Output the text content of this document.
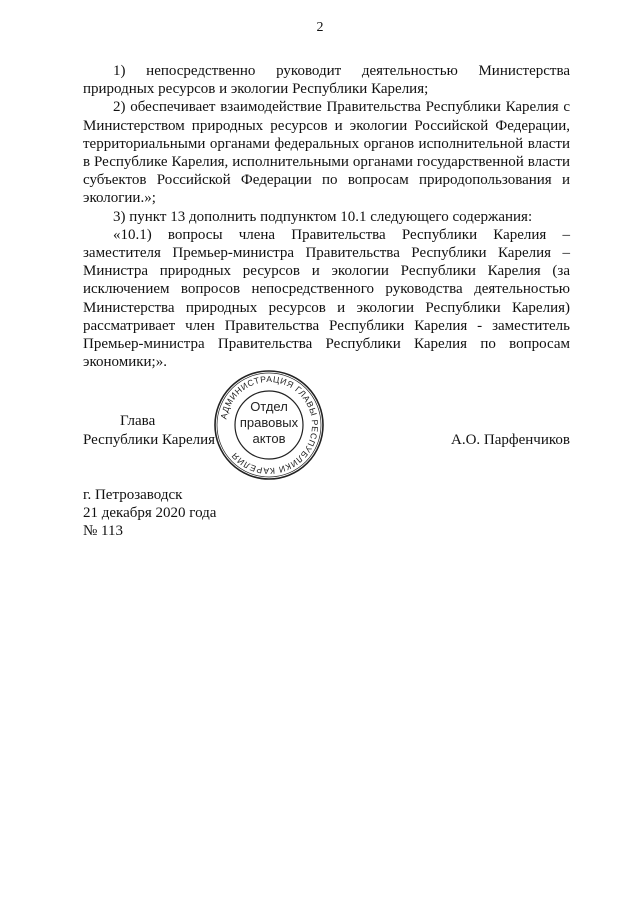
2

1) непосредственно руководит деятельностью Министерства природных ресурсов и экологии Республики Карелия;

2) обеспечивает взаимодействие Правительства Республики Карелия с Министерством природных ресурсов и экологии Российской Федерации, территориальными органами федеральных органов исполнительной власти в Республике Карелия, исполнительными органами государственной власти субъектов Российской Федерации по вопросам природопользования и экологии.»;

3) пункт 13 дополнить подпунктом 10.1 следующего содержания:

«10.1) вопросы члена Правительства Республики Карелия – заместителя Премьер-министра Правительства Республики Карелия – Министра природных ресурсов и экологии Республики Карелия (за исключением вопросов непосредственного руководства деятельностью Министерства природных ресурсов и экологии Республики Карелия) рассматривает член Правительства Республики Карелия - заместитель Премьер-министра Правительства Республики Карелия по вопросам экономики;».

Глава
Республики Карелия	А.О. Парфенчиков
АДМИНИСТРАЦИЯ ГЛАВЫ РЕСПУБЛИКИ КАРЕЛИЯ
Отдел
правовых
актов
г. Петрозаводск
21 декабря 2020 года
№ 113
